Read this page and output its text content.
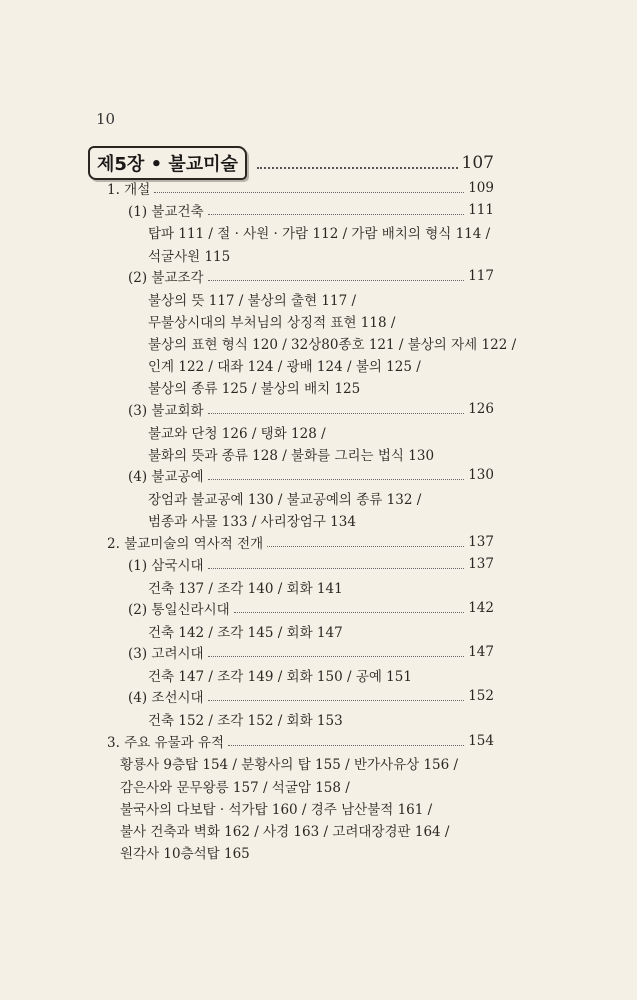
10
제5장 • 불교미술	107
1. 개설	109
(1) 불교건축	111
탑파 111 / 절 · 사원 · 가람 112 / 가람 배치의 형식 114 /
석굴사원 115
(2) 불교조각	117
불상의 뜻 117 / 불상의 출현 117 /
무불상시대의 부처님의 상징적 표현 118 /
불상의 표현 형식 120 / 32상80종호 121 / 불상의 자세 122 /
인계 122 / 대좌 124 / 광배 124 / 불의 125 /
불상의 종류 125 / 불상의 배치 125
(3) 불교회화	126
불교와 단청 126 / 탱화 128 /
불화의 뜻과 종류 128 / 불화를 그리는 법식 130
(4) 불교공예	130
장엄과 불교공예 130 / 불교공예의 종류 132 /
범종과 사물 133 / 사리장엄구 134
2. 불교미술의 역사적 전개	137
(1) 삼국시대	137
건축 137 / 조각 140 / 회화 141
(2) 통일신라시대	142
건축 142 / 조각 145 / 회화 147
(3) 고려시대	147
건축 147 / 조각 149 / 회화 150 / 공예 151
(4) 조선시대	152
건축 152 / 조각 152 / 회화 153
3. 주요 유물과 유적	154
황룡사 9층탑 154 / 분황사의 탑 155 / 반가사유상 156 /
감은사와 문무왕릉 157 / 석굴암 158 /
불국사의 다보탑 · 석가탑 160 / 경주 남산불적 161 /
불사 건축과 벽화 162 / 사경 163 / 고려대장경판 164 /
원각사 10층석탑 165
